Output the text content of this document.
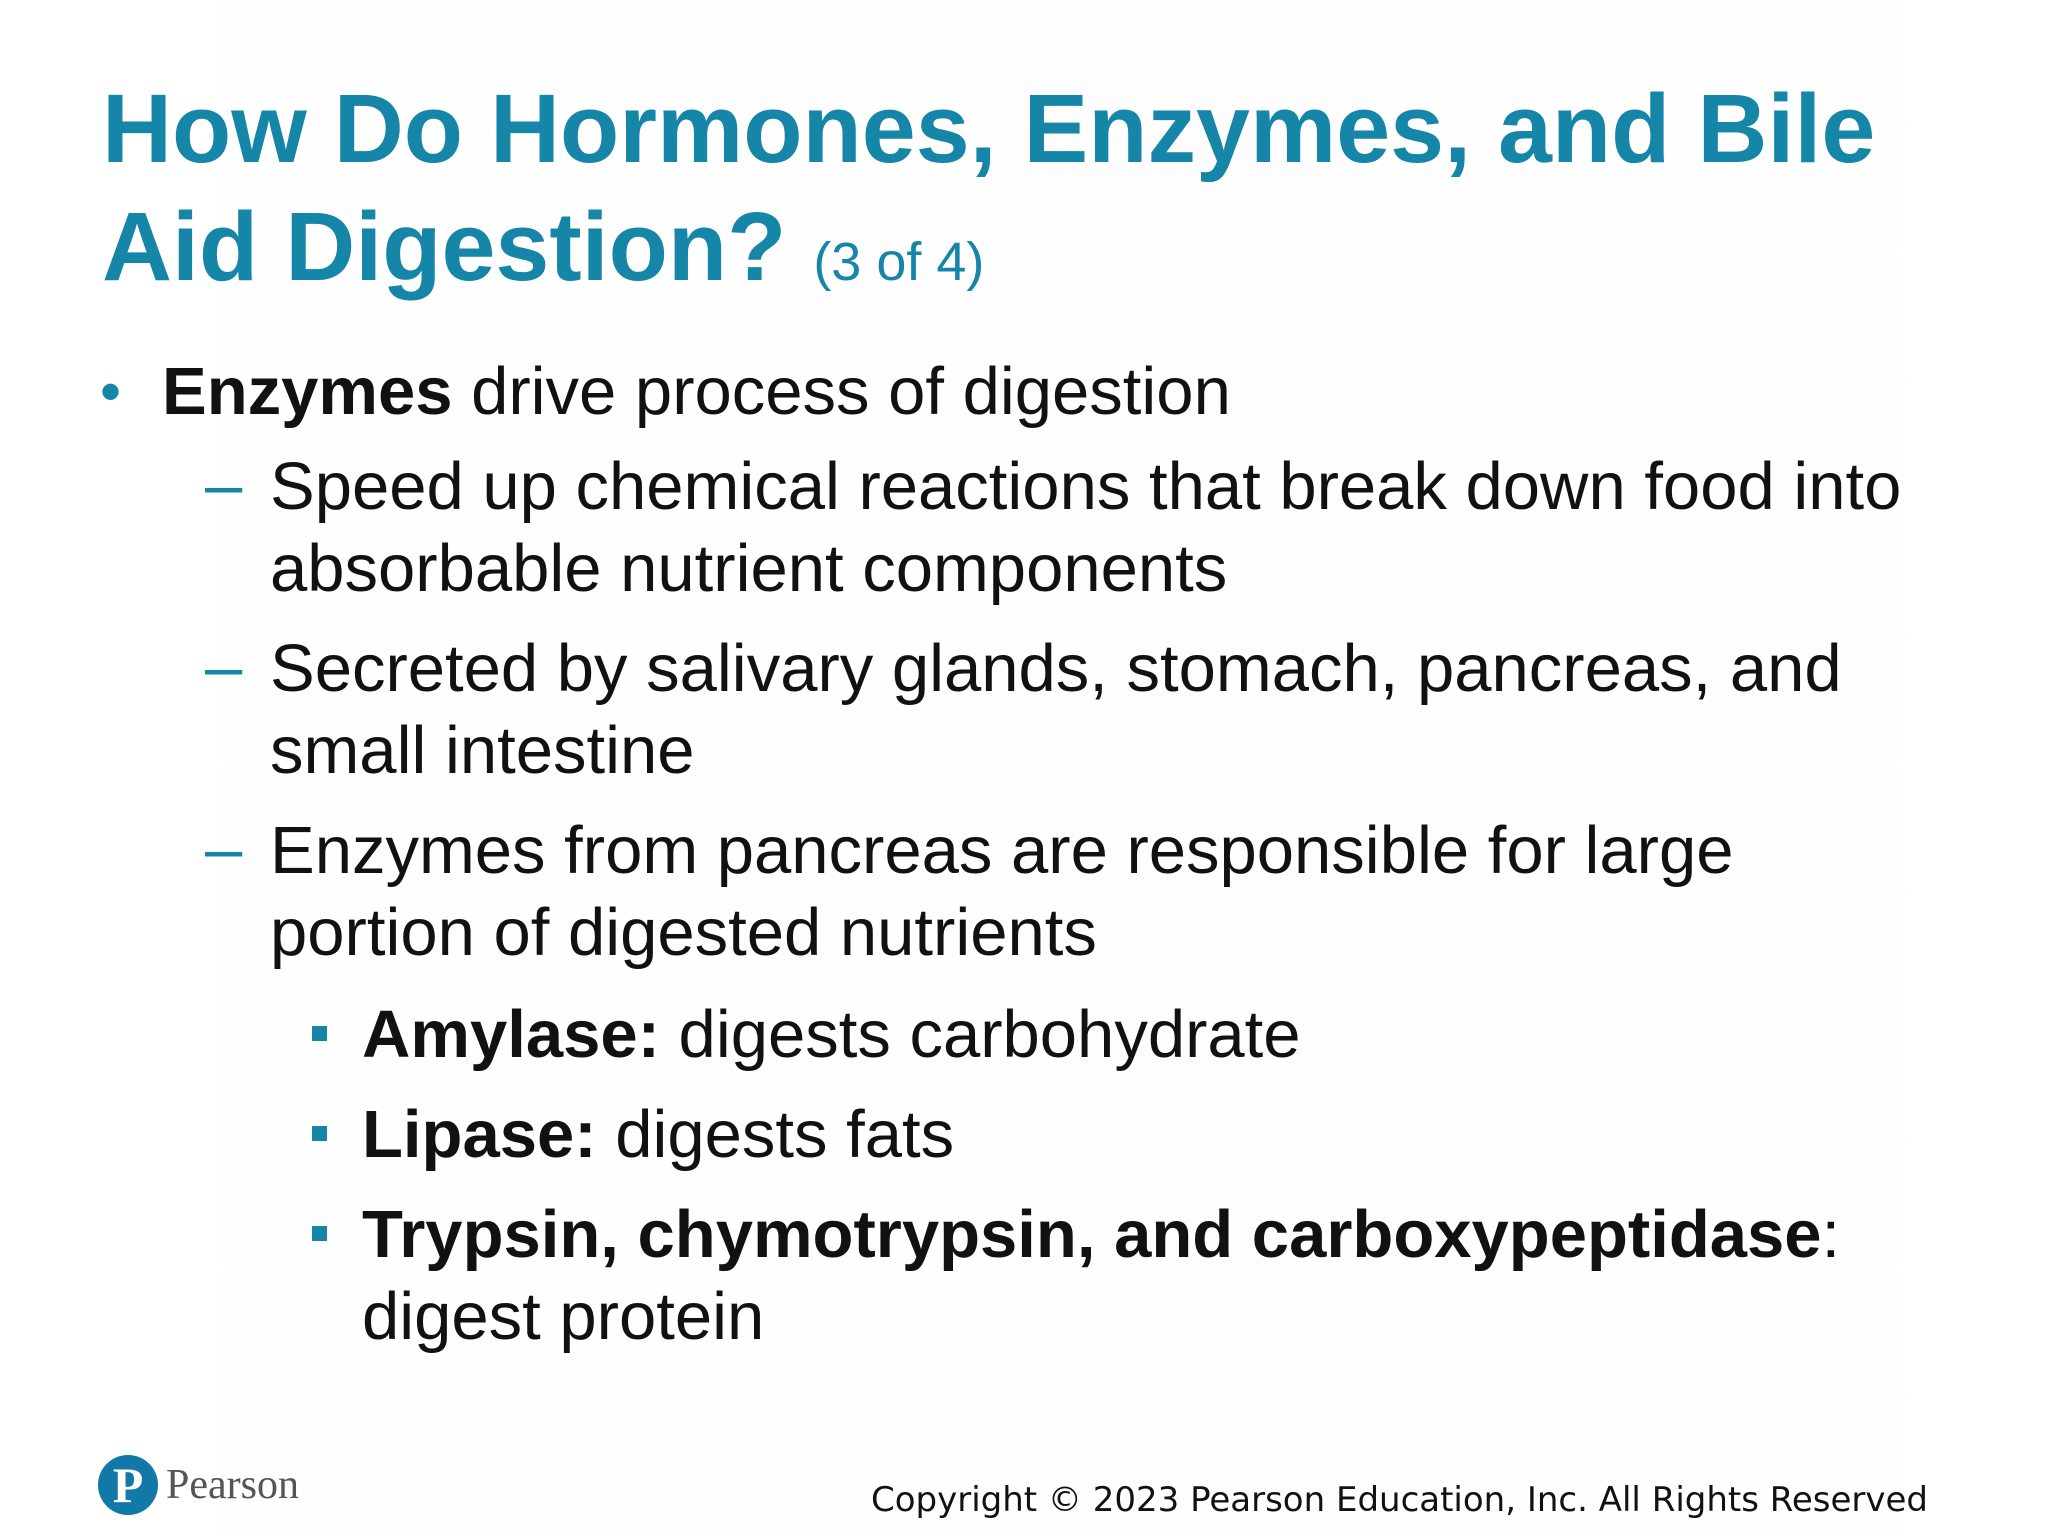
How Do Hormones, Enzymes, and Bile Aid Digestion? (3 of 4)
• Enzymes drive process of digestion
– Speed up chemical reactions that break down food into absorbable nutrient components
– Secreted by salivary glands, stomach, pancreas, and small intestine
– Enzymes from pancreas are responsible for large portion of digested nutrients
Amylase: digests carbohydrate
Lipase: digests fats
Trypsin, chymotrypsin, and carboxypeptidase: digest protein
P Pearson	Copyright © 2023 Pearson Education, Inc. All Rights Reserved
